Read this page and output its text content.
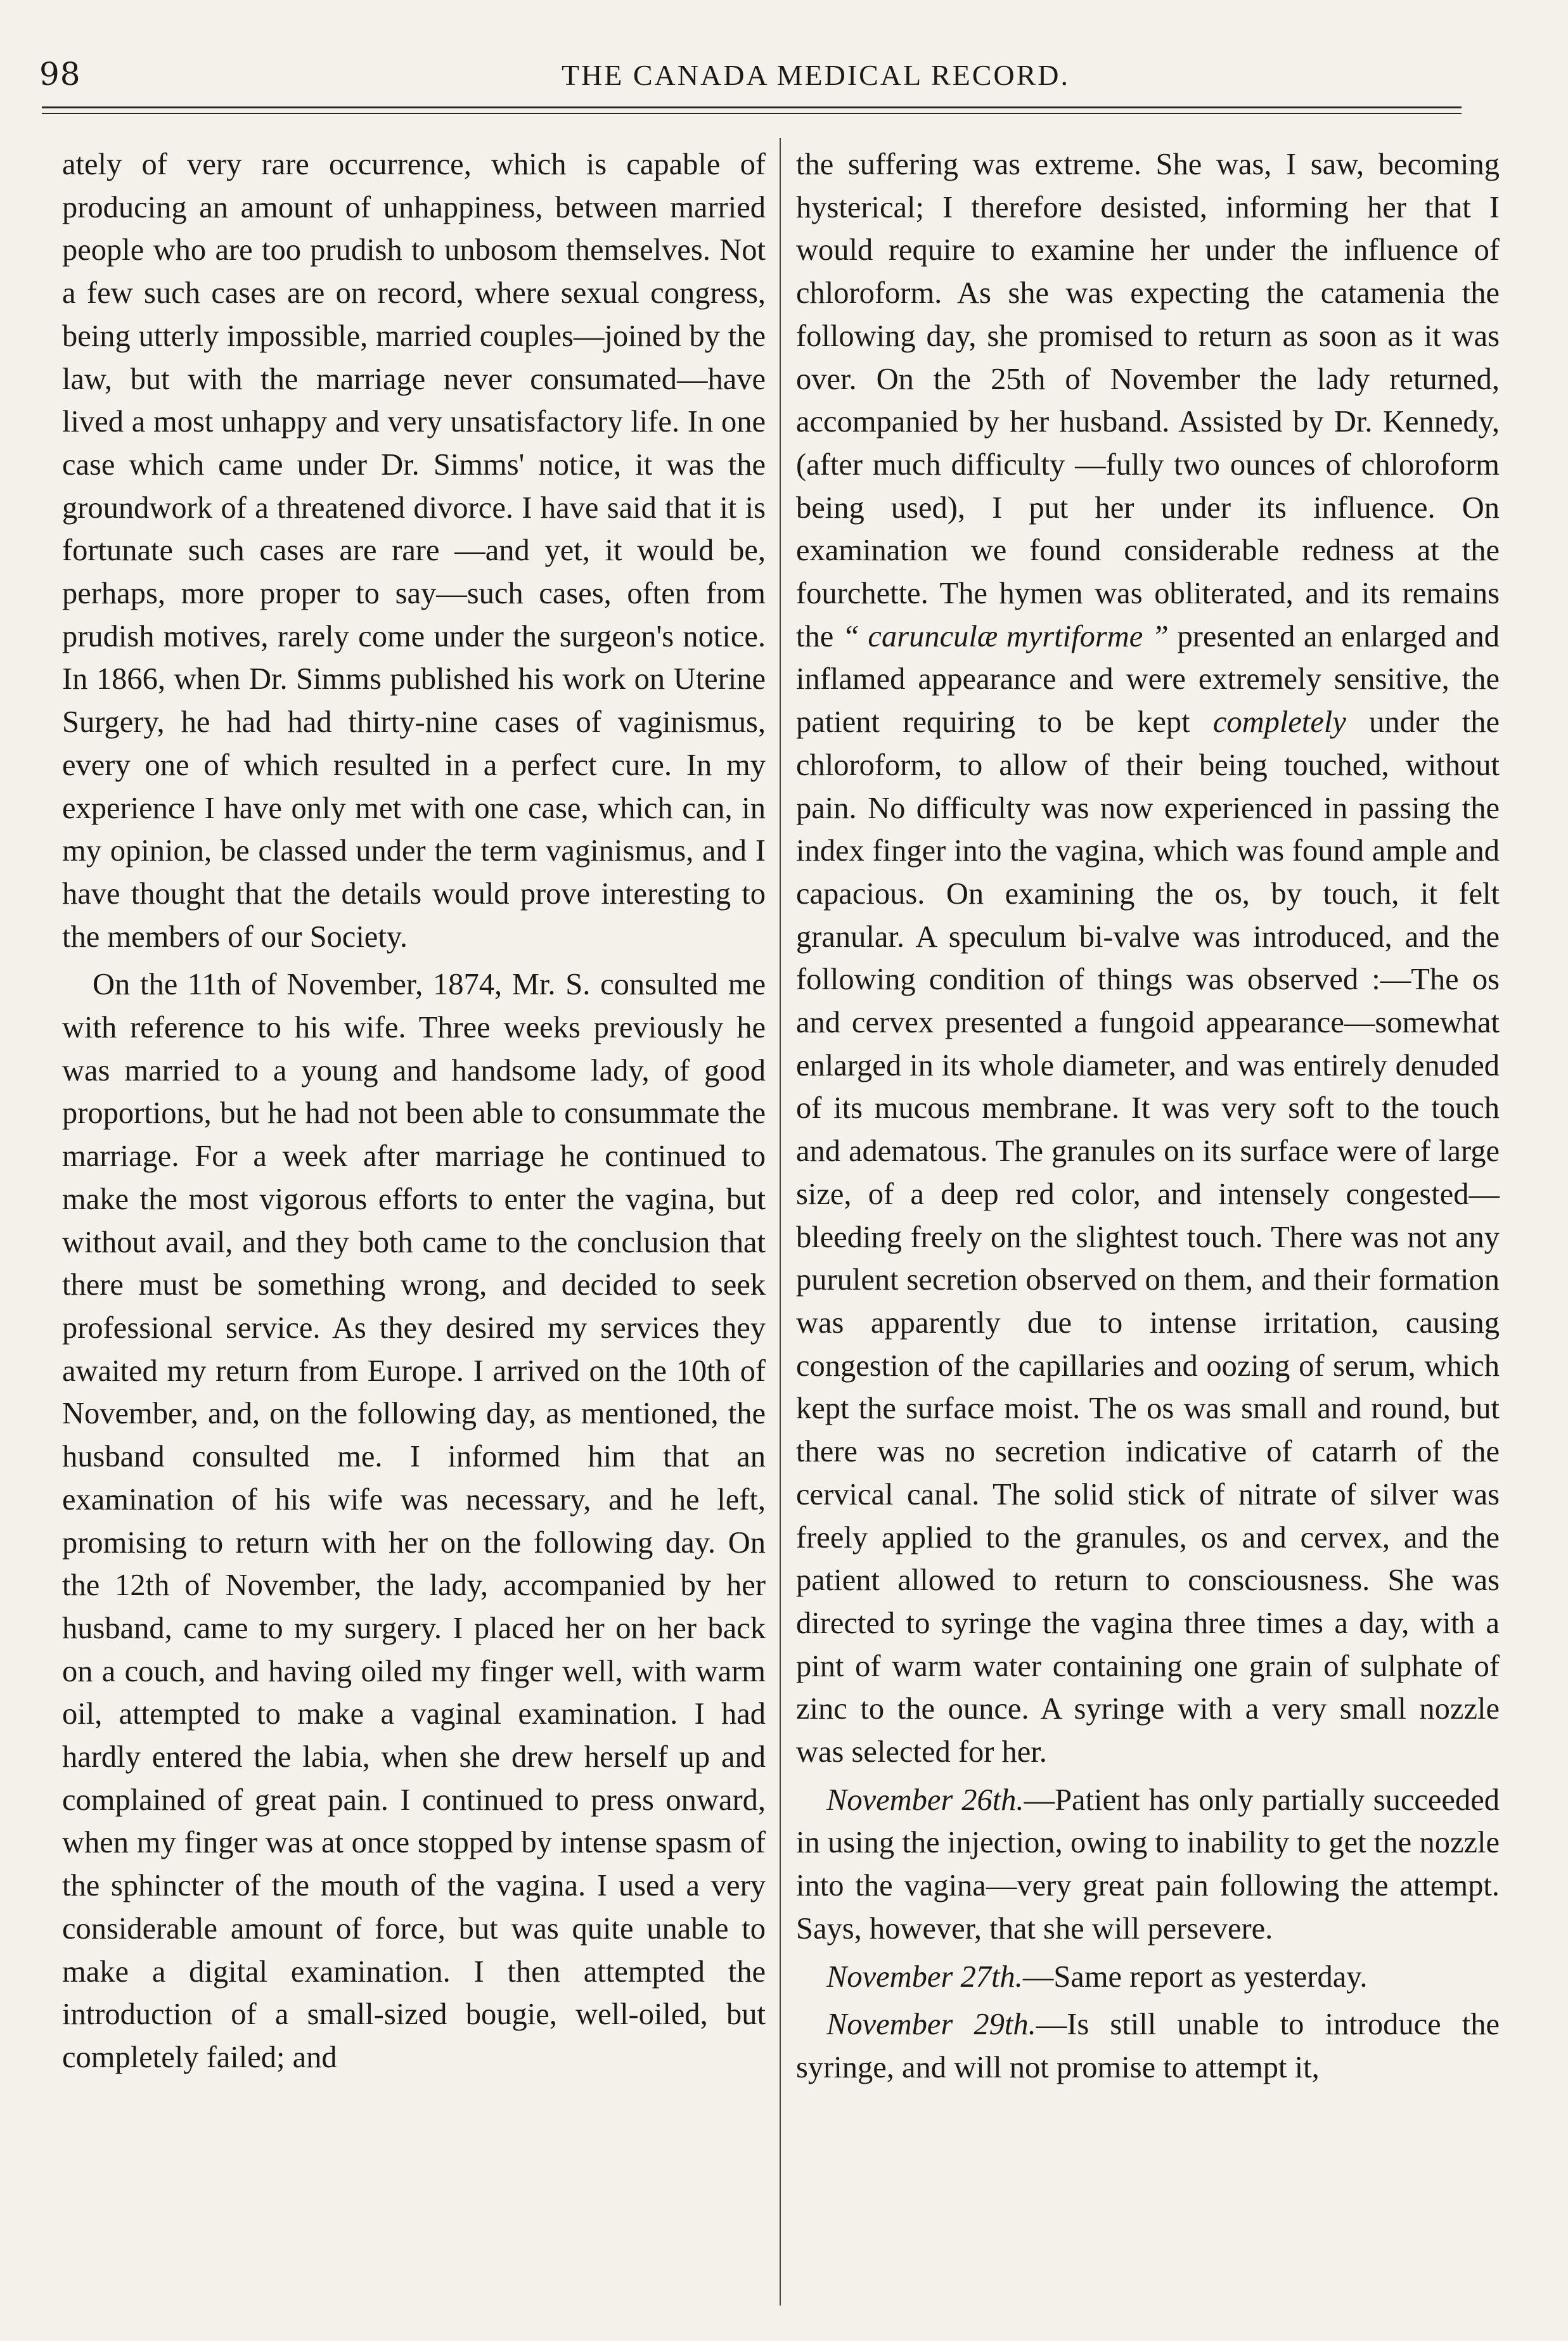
98	THE CANADA MEDICAL RECORD.

ately of very rare occurrence, which is capable of producing an amount of unhappiness, between married people who are too prudish to unbosom themselves. Not a few such cases are on record, where sexual congress, being utterly impossible, married couples—joined by the law, but with the marriage never consumated—have lived a most unhappy and very unsatisfactory life. In one case which came under Dr. Simms' notice, it was the groundwork of a threatened divorce. I have said that it is fortunate such cases are rare —and yet, it would be, perhaps, more proper to say—such cases, often from prudish motives, rarely come under the surgeon's notice. In 1866, when Dr. Simms published his work on Uterine Surgery, he had had thirty-nine cases of vaginismus, every one of which resulted in a perfect cure. In my experience I have only met with one case, which can, in my opinion, be classed under the term vaginismus, and I have thought that the details would prove interesting to the members of our Society.

On the 11th of November, 1874, Mr. S. consulted me with reference to his wife. Three weeks previously he was married to a young and handsome lady, of good proportions, but he had not been able to consummate the marriage. For a week after marriage he continued to make the most vigorous efforts to enter the vagina, but without avail, and they both came to the conclusion that there must be something wrong, and decided to seek professional service. As they desired my services they awaited my return from Europe. I arrived on the 10th of November, and, on the following day, as mentioned, the husband consulted me. I informed him that an examination of his wife was necessary, and he left, promising to return with her on the following day. On the 12th of November, the lady, accompanied by her husband, came to my surgery. I placed her on her back on a couch, and having oiled my finger well, with warm oil, attempted to make a vaginal examination. I had hardly entered the labia, when she drew herself up and complained of great pain. I continued to press onward, when my finger was at once stopped by intense spasm of the sphincter of the mouth of the vagina. I used a very considerable amount of force, but was quite unable to make a digital examination. I then attempted the introduction of a small-sized bougie, well-oiled, but completely failed; and

the suffering was extreme. She was, I saw, becoming hysterical; I therefore desisted, informing her that I would require to examine her under the influence of chloroform. As she was expecting the catamenia the following day, she promised to return as soon as it was over. On the 25th of November the lady returned, accompanied by her husband. Assisted by Dr. Kennedy, (after much difficulty —fully two ounces of chloroform being used), I put her under its influence. On examination we found considerable redness at the fourchette. The hymen was obliterated, and its remains the “ carunculæ myrtiforme ” presented an enlarged and inflamed appearance and were extremely sensitive, the patient requiring to be kept completely under the chloroform, to allow of their being touched, without pain. No difficulty was now experienced in passing the index finger into the vagina, which was found ample and capacious. On examining the os, by touch, it felt granular. A speculum bi-valve was introduced, and the following condition of things was observed :—The os and cervex presented a fungoid appearance—somewhat enlarged in its whole diameter, and was entirely denuded of its mucous membrane. It was very soft to the touch and adematous. The granules on its surface were of large size, of a deep red color, and intensely congested—bleeding freely on the slightest touch. There was not any purulent secretion observed on them, and their formation was apparently due to intense irritation, causing congestion of the capillaries and oozing of serum, which kept the surface moist. The os was small and round, but there was no secretion indicative of catarrh of the cervical canal. The solid stick of nitrate of silver was freely applied to the granules, os and cervex, and the patient allowed to return to consciousness. She was directed to syringe the vagina three times a day, with a pint of warm water containing one grain of sulphate of zinc to the ounce. A syringe with a very small nozzle was selected for her.

November 26th.—Patient has only partially succeeded in using the injection, owing to inability to get the nozzle into the vagina—very great pain following the attempt. Says, however, that she will persevere.

November 27th.—Same report as yesterday.

November 29th.—Is still unable to introduce the syringe, and will not promise to attempt it,
